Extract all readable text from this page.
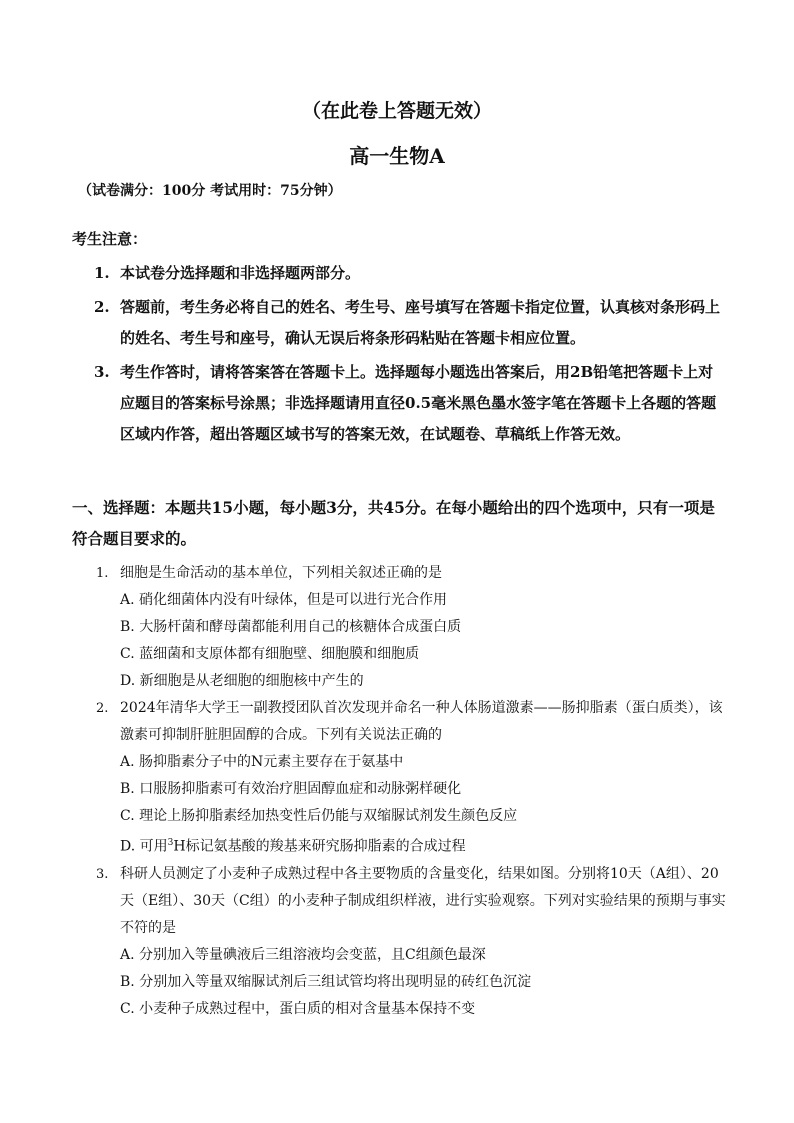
（在此卷上答题无效）
高一生物A
（试卷满分：100分 考试用时：75分钟）
考生注意：
1. 本试卷分选择题和非选择题两部分。
2. 答题前，考生务必将自己的姓名、考生号、座号填写在答题卡指定位置，认真核对条形码上的姓名、考生号和座号，确认无误后将条形码粘贴在答题卡相应位置。
3. 考生作答时，请将答案答在答题卡上。选择题每小题选出答案后，用2B铅笔把答题卡上对应题目的答案标号涂黑；非选择题请用直径0.5毫米黑色墨水签字笔在答题卡上各题的答题区域内作答，超出答题区域书写的答案无效，在试题卷、草稿纸上作答无效。
一、选择题：本题共15小题，每小题3分，共45分。在每小题给出的四个选项中，只有一项是符合题目要求的。
1. 细胞是生命活动的基本单位，下列相关叙述正确的是
A. 硝化细菌体内没有叶绿体，但是可以进行光合作用
B. 大肠杆菌和酵母菌都能利用自己的核糖体合成蛋白质
C. 蓝细菌和支原体都有细胞壁、细胞膜和细胞质
D. 新细胞是从老细胞的细胞核中产生的
2. 2024年清华大学王一副教授团队首次发现并命名一种人体肠道激素——肠抑脂素（蛋白质类），该激素可抑制肝脏胆固醇的合成。下列有关说法正确的
A. 肠抑脂素分子中的N元素主要存在于氨基中
B. 口服肠抑脂素可有效治疗胆固醇血症和动脉粥样硬化
C. 理论上肠抑脂素经加热变性后仍能与双缩脲试剂发生颜色反应
D. 可用$^3$H标记氨基酸的羧基来研究肠抑脂素的合成过程
3. 科研人员测定了小麦种子成熟过程中各主要物质的含量变化，结果如图。分别将10天（A组）、20天（E组）、30天（C组）的小麦种子制成组织样液，进行实验观察。下列对实验结果的预期与事实不符的是
A. 分别加入等量碘液后三组溶液均会变蓝，且C组颜色最深
B. 分别加入等量双缩脲试剂后三组试管均将出现明显的砖红色沉淀
C. 小麦种子成熟过程中，蛋白质的相对含量基本保持不变
